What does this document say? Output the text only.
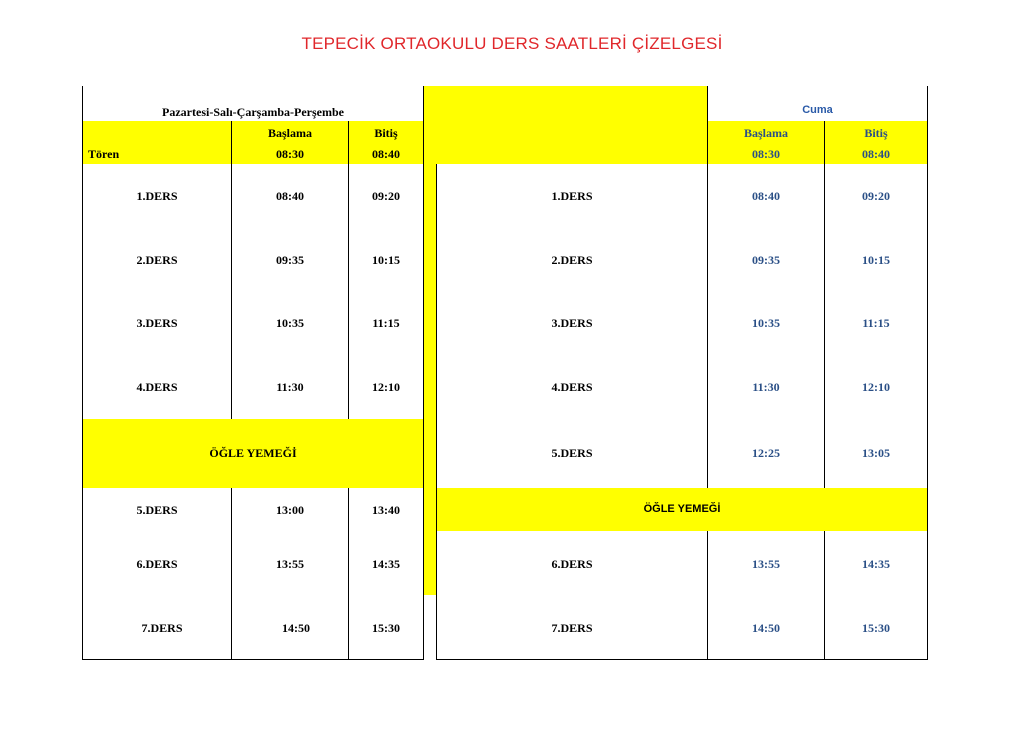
TEPECİK ORTAOKULU DERS SAATLERİ ÇİZELGESİ
Pazartesi-Salı-Çarşamba-Perşembe
Başlama	Bitiş
Tören	08:30	08:40
1.DERS	08:40	09:20
2.DERS	09:35	10:15
3.DERS	10:35	11:15
4.DERS	11:30	12:10
ÖĞLE YEMEĞİ
5.DERS	13:00	13:40
6.DERS	13:55	14:35
7.DERS	14:50	15:30
Cuma
Başlama	Bitiş
08:30	08:40
1.DERS	08:40	09:20
2.DERS	09:35	10:15
3.DERS	10:35	11:15
4.DERS	11:30	12:10
5.DERS	12:25	13:05
ÖĞLE YEMEĞİ
6.DERS	13:55	14:35
7.DERS	14:50	15:30
